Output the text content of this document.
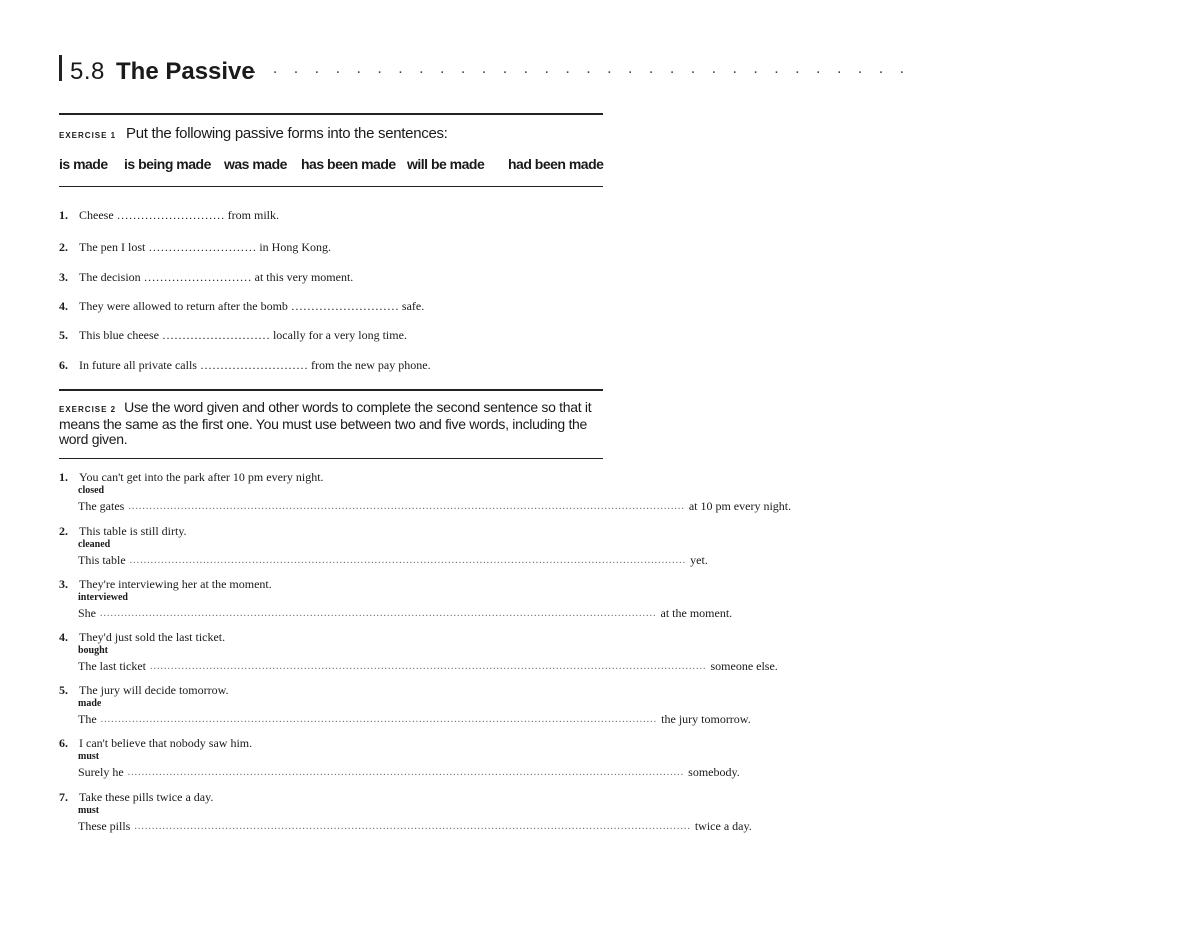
5.8 The Passive
. . . . . . . . . . . . . . . . . . . . . . . . . . . . . . . .
EXERCISE 1 Put the following passive forms into the sentences:
is made is being made was made has been made will be made had been made
1. Cheese ……………………… from milk.
2. The pen I lost ……………………… in Hong Kong.
3. The decision ……………………… at this very moment.
4. They were allowed to return after the bomb ……………………… safe.
5. This blue cheese ……………………… locally for a very long time.
6. In future all private calls ……………………… from the new pay phone.
EXERCISE 2 Use the word given and other words to complete the second sentence so that it means the same as the first one. You must use between two and five words, including the word given.
1. You can't get into the park after 10 pm every night.
closed
The gates ............................................................................................................................................................... at 10 pm every night.
2. This table is still dirty.
cleaned
This table ............................................................................................................................................................... yet.
3. They're interviewing her at the moment.
interviewed
She ............................................................................................................................................................... at the moment.
4. They'd just sold the last ticket.
bought
The last ticket ............................................................................................................................................................... someone else.
5. The jury will decide tomorrow.
made
The ............................................................................................................................................................... the jury tomorrow.
6. I can't believe that nobody saw him.
must
Surely he ............................................................................................................................................................... somebody.
7. Take these pills twice a day.
must
These pills ............................................................................................................................................................... twice a day.
